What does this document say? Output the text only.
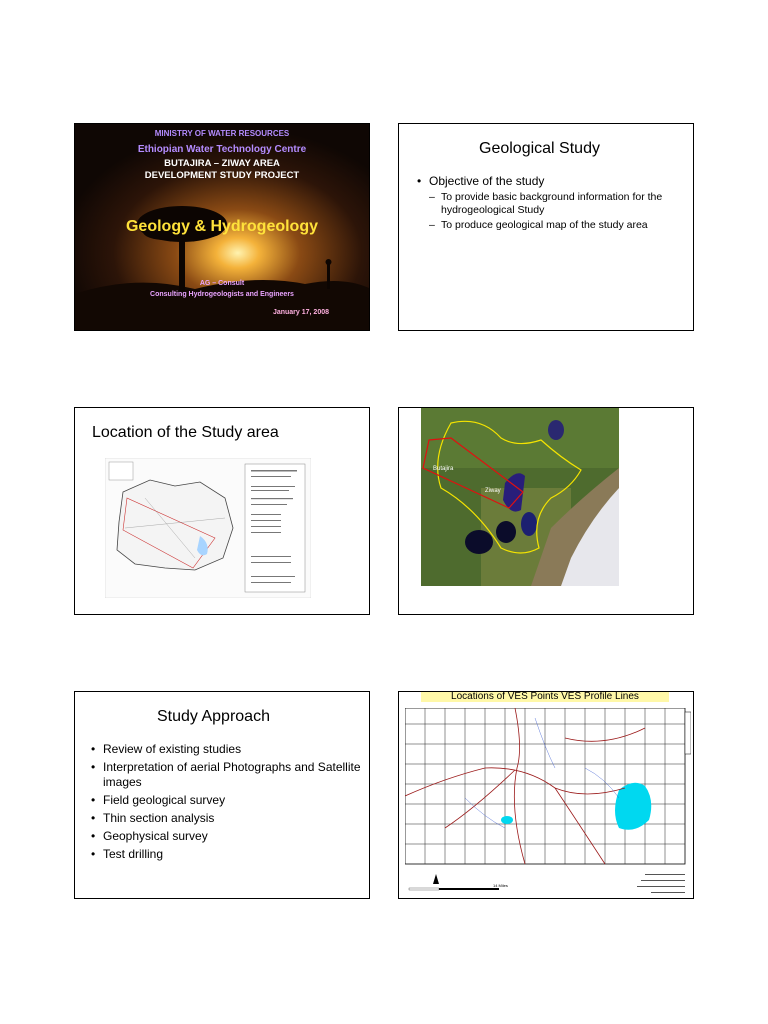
MINISTRY OF WATER RESOURCES
Ethiopian Water Technology Centre
BUTAJIRA – ZIWAY AREA
DEVELOPMENT STUDY PROJECT
Geology & Hydrogeology
AG – Consult
Consulting Hydrogeologists and Engineers
January 17, 2008
Geological Study
• Objective of the study
– To provide basic background information for the hydrogeological Study
– To produce geological map of the study area
Location of the Study area
Butajira
Ziway
Study Approach
• Review of existing studies
• Interpretation of aerial Photographs and Satellite images
• Field geological survey
• Thin section analysis
• Geophysical survey
• Test drilling
Locations of VES Points VES Profile Lines
14 Miles
